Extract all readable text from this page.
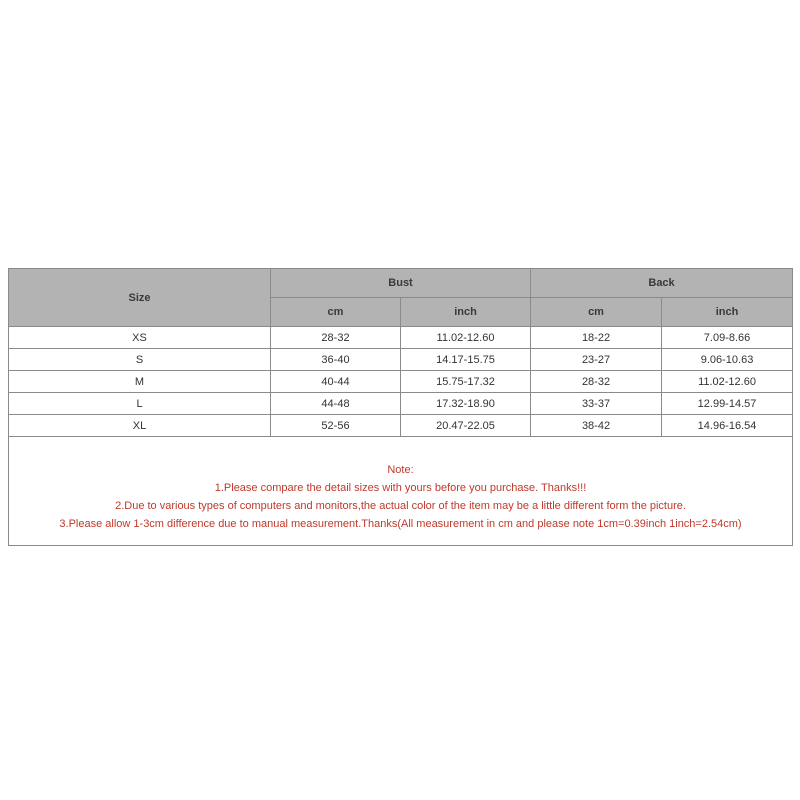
Size	Bust		Back	
	cm	inch	cm	inch
XS	28-32	11.02-12.60	18-22	7.09-8.66
S	36-40	14.17-15.75	23-27	9.06-10.63
M	40-44	15.75-17.32	28-32	11.02-12.60
L	44-48	17.32-18.90	33-37	12.99-14.57
XL	52-56	20.47-22.05	38-42	14.96-16.54

Note:
1.Please compare the detail sizes with yours before you purchase. Thanks!!!
2.Due to various types of computers and monitors,the actual color of the item may be a little different form the picture.
3.Please allow 1-3cm difference due to manual measurement.Thanks(All measurement in cm and please note 1cm=0.39inch 1inch=2.54cm)				
